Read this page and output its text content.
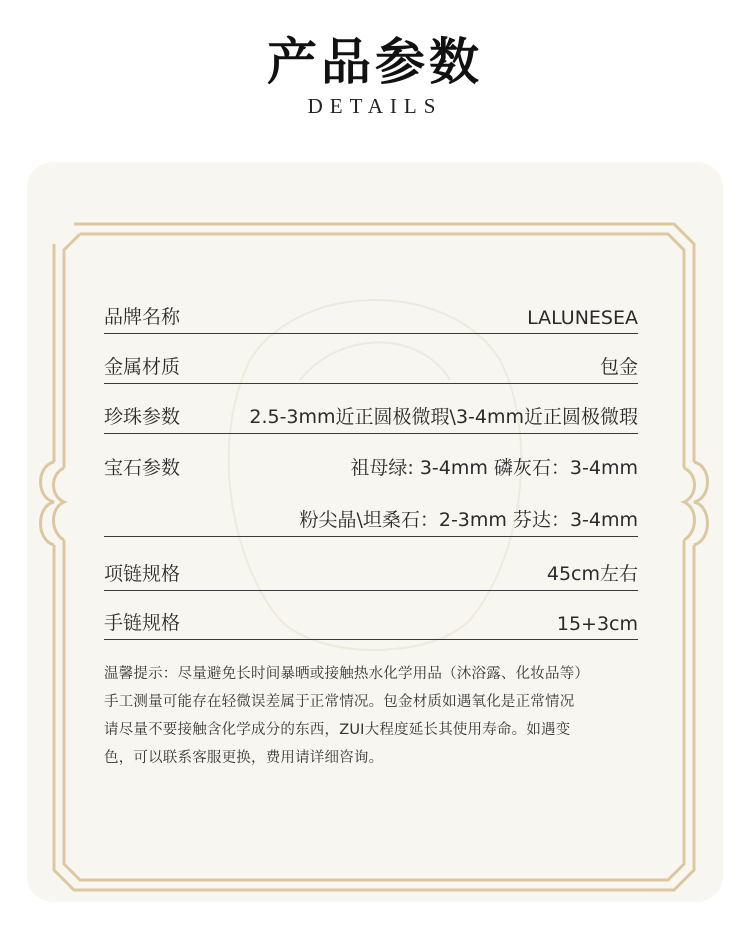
产品参数
DETAILS
品牌名称	LALUNESEA
金属材质	包金
珍珠参数	2.5-3mm近正圆极微瑕\3-4mm近正圆极微瑕
宝石参数	祖母绿: 3-4mm 磷灰石：3-4mm
粉尖晶\坦桑石：2-3mm 芬达：3-4mm
项链规格	45cm左右
手链规格	15+3cm
温馨提示：尽量避免长时间暴晒或接触热水化学用品（沐浴露、化妆品等）
手工测量可能存在轻微误差属于正常情况。包金材质如遇氧化是正常情况
请尽量不要接触含化学成分的东西，ZUI大程度延长其使用寿命。如遇变
色，可以联系客服更换，费用请详细咨询。
